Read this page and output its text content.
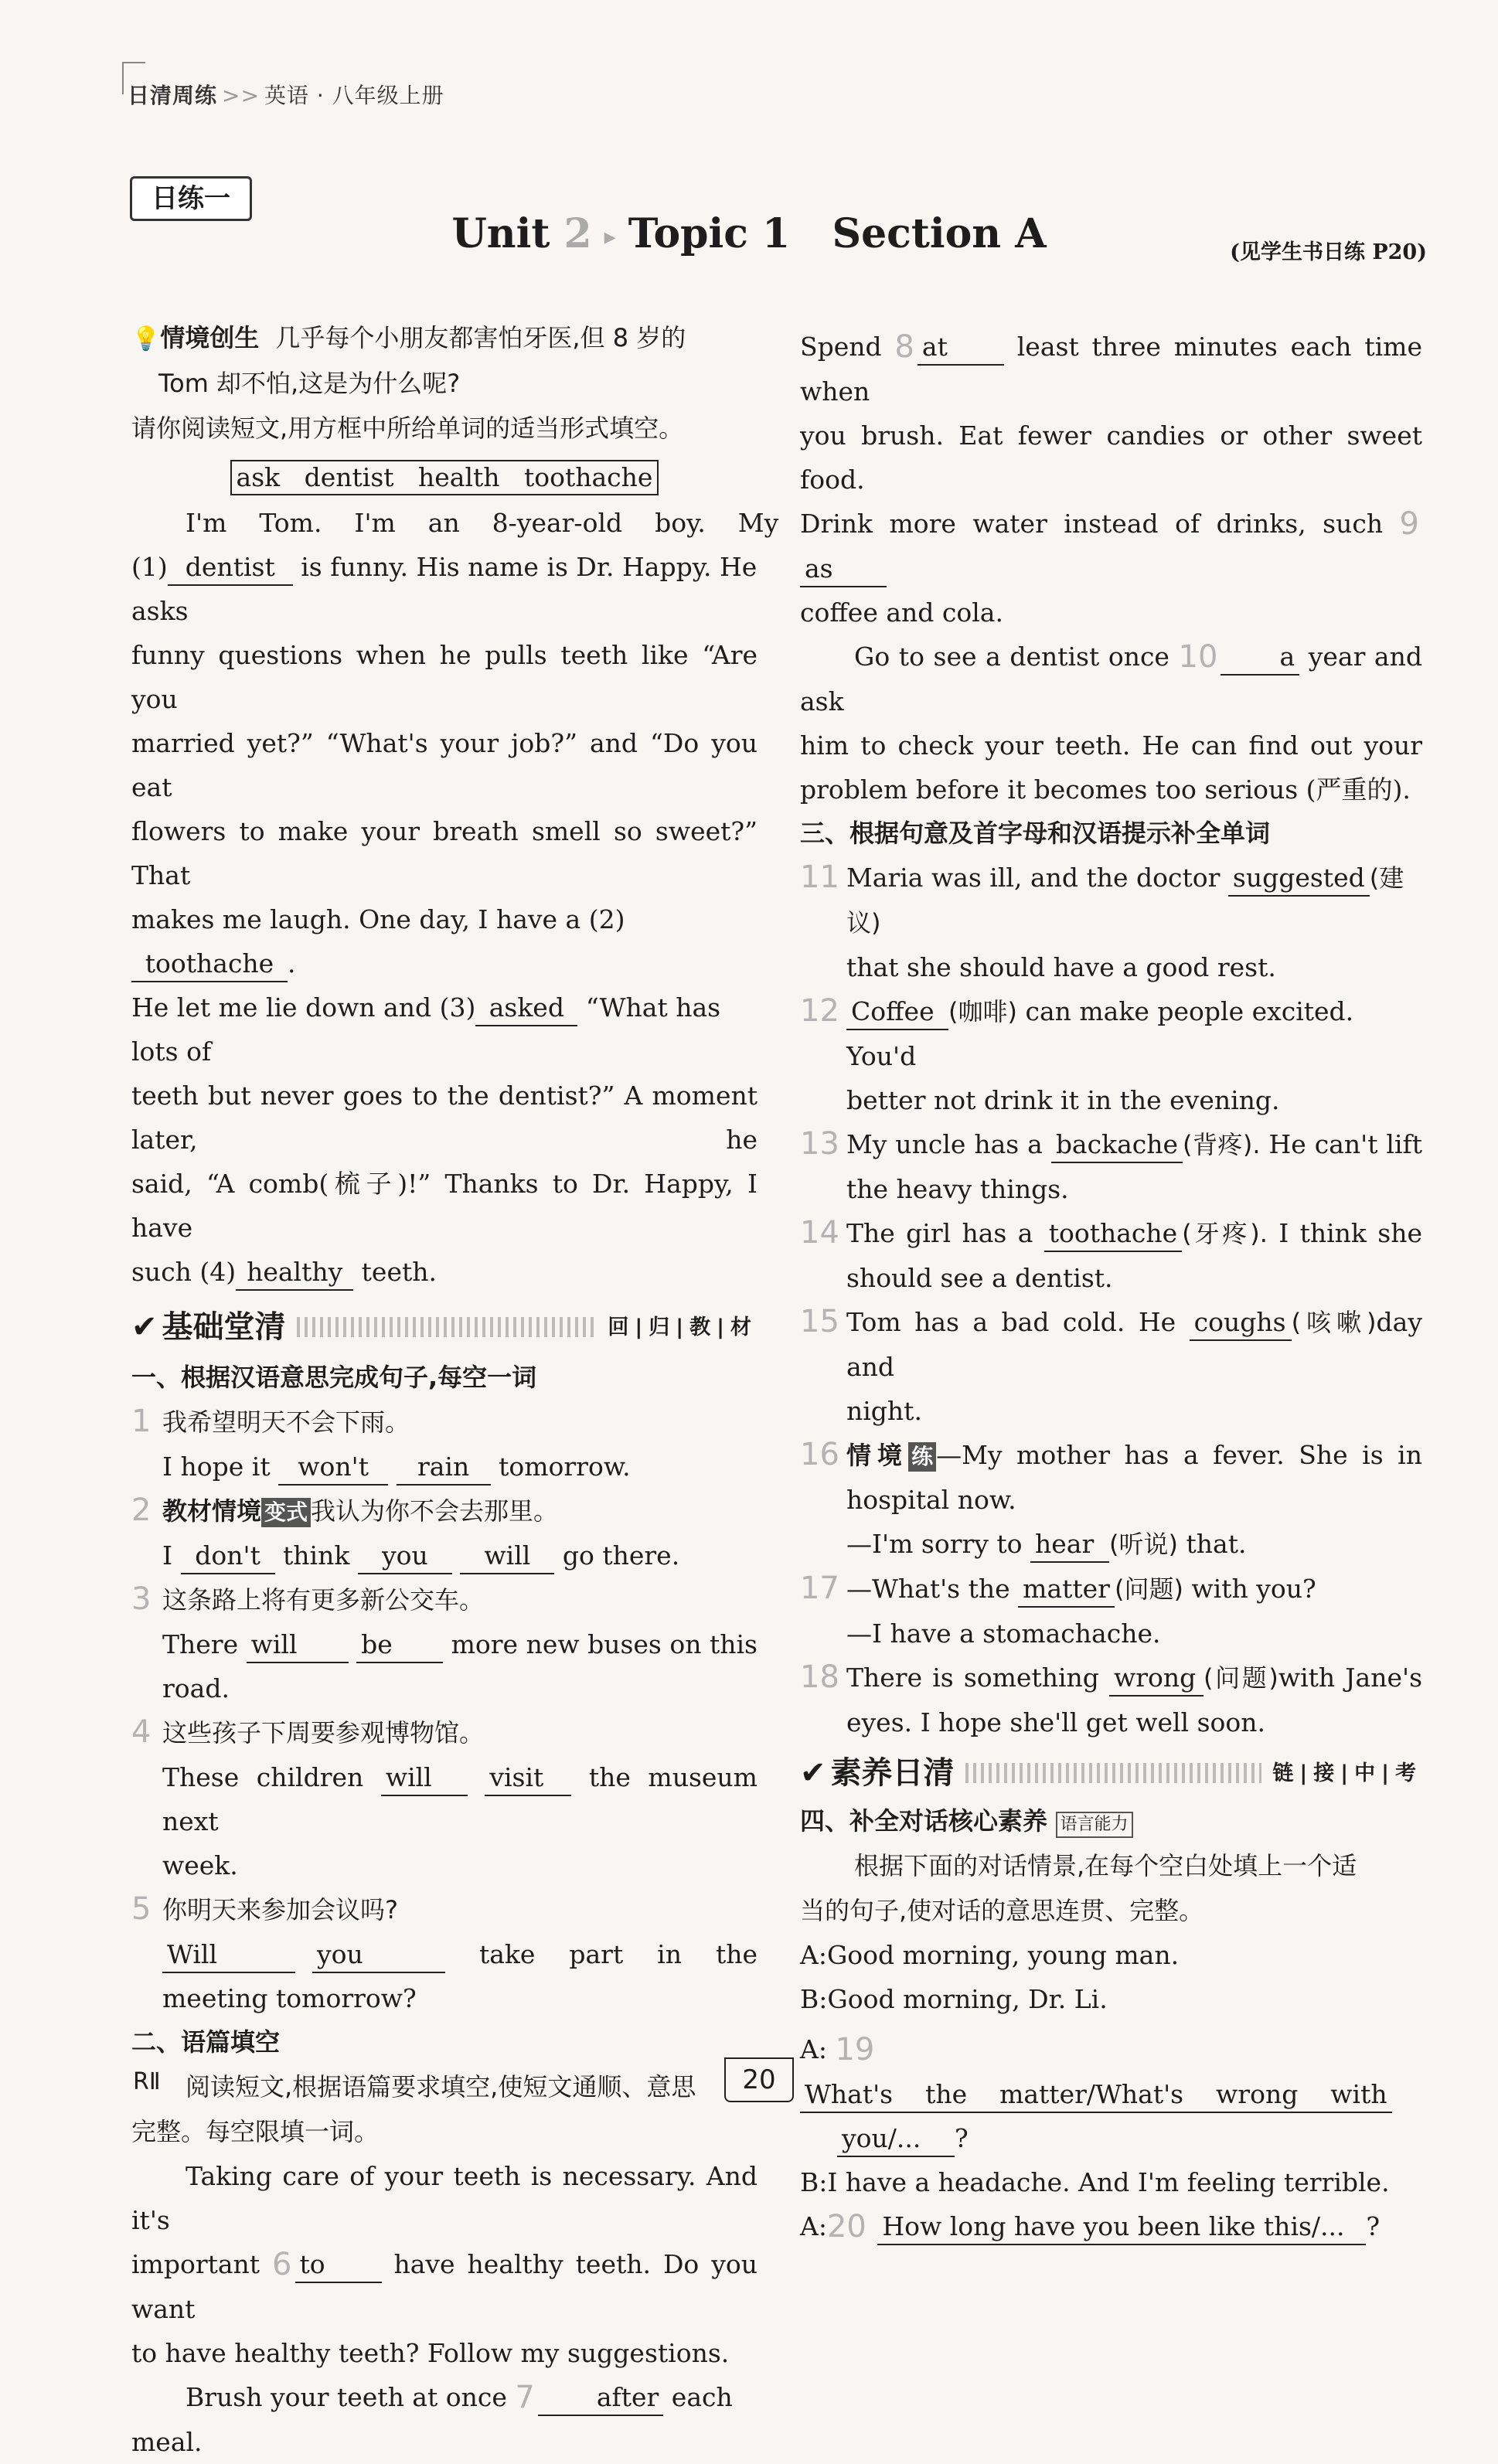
日清周练 >> 英语 · 八年级上册
日练一
Unit 2 ▸ Topic 1 Section A	(见学生书日练 P20)

💡情境创生 几乎每个小朋友都害怕牙医,但 8 岁的

Tom 却不怕,这是为什么呢?

请你阅读短文,用方框中所给单词的适当形式填空。

ask   dentist   health   toothache

I'm    Tom.    I'm    an    8-year-old    boy.    My

(1) dentist is funny. His name is Dr. Happy. He asks

funny questions when he pulls teeth like “Are you

married yet?” “What's your job?” and “Do you eat

flowers to make your breath smell so sweet?” That

makes me laugh. One day, I have a (2)toothache .

He let me lie down and (3) asked “What has lots of

teeth but never goes to the dentist?” A moment later, he

said, “A comb(梳子)!” Thanks to Dr. Happy, I have

such (4) healthy teeth.

✔ 基础堂清	回|归|教|材

一、根据汉语意思完成句子,每空一词

1 我希望明天不会下雨。

I hope it won't rain tomorrow.

2 教材情境 变式 我认为你不会去那里。

I don't think you will go there.

3 这条路上将有更多新公交车。

There will	be more new buses on this

road.

4 这些孩子下周要参观博物馆。

These children will visit the museum next

week.

5 你明天来参加会议吗?

Will	you	take    part    in    the

meeting tomorrow?

二、语篇填空

阅读短文,根据语篇要求填空,使短文通顺、意思

完整。每空限填一词。

Taking care of your teeth is necessary. And it's

important 6 to	have healthy teeth. Do you want

to have healthy teeth? Follow my suggestions.

Brush your teeth at once 7 after each meal.

Spend 8 at	least three minutes each time when

you brush. Eat fewer candies or other sweet food.

Drink more water instead of drinks, such 9as

coffee and cola.

Go to see a dentist once 10 a year and ask

him to check your teeth. He can find out your

problem before it becomes too serious (严重的).

三、根据句意及首字母和汉语提示补全单词

11 Maria was ill, and the doctor suggested (建议)

that she should have a good rest.

12 Coffee (咖啡) can make people excited. You'd

better not drink it in the evening.

13 My uncle has a backache (背疼). He can't lift

the heavy things.

14 The girl has a toothache (牙疼). I think she

should see a dentist.

15 Tom has a bad cold. He coughs (咳嗽)day and

night.

16 情境 练 —My mother has a fever. She is in

hospital now.

—I'm sorry to hear (听说) that.

17 —What's the matter (问题) with you?

—I have a stomachache.

18 There is something wrong (问题)with Jane's

eyes. I hope she'll get well soon.

✔ 素养日清	链|接|中|考

四、补全对话核心素养 语言能力

根据下面的对话情景,在每个空白处填上一个适

当的句子,使对话的意思连贯、完整。

A:Good morning, young man.

B:Good morning, Dr. Li.

A: 19 What's    the    matter/What's    wrong    with

you/... ?

B:I have a headache. And I'm feeling terrible.

A:20 How long have you been like this/... ?

RⅡ	20
